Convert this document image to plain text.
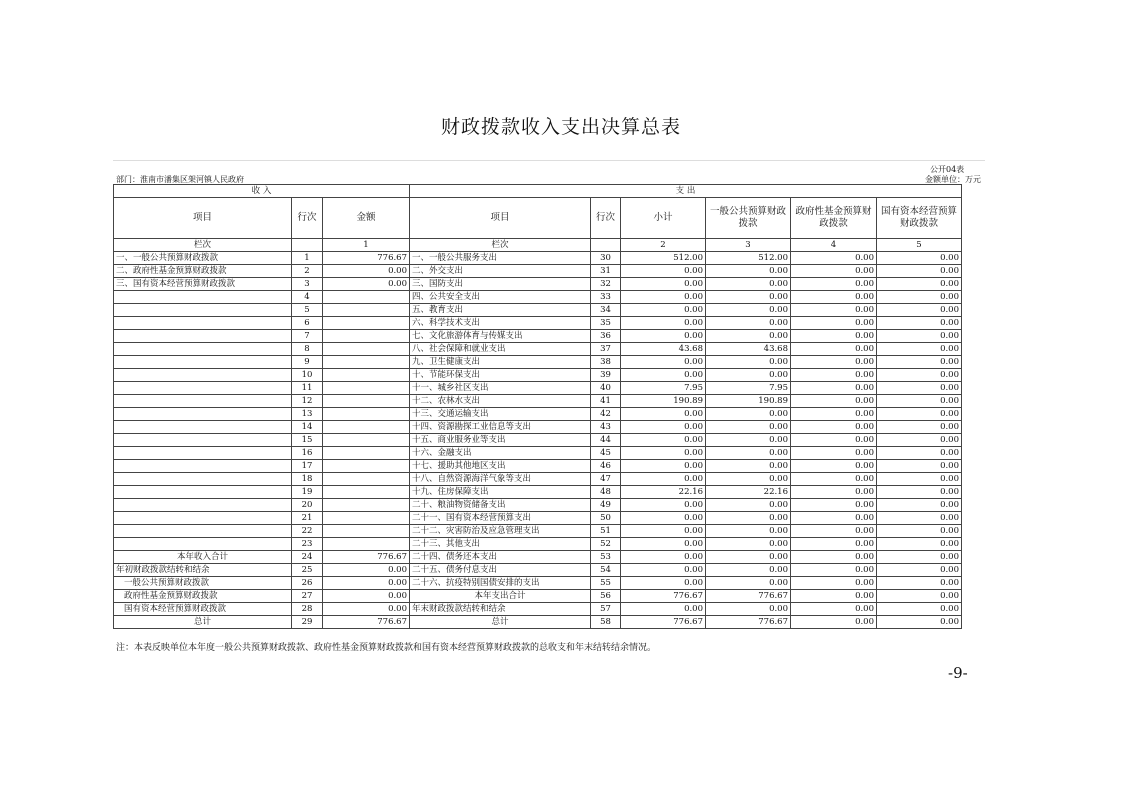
财政拨款收入支出决算总表
公开04表
部门：淮南市潘集区架河镇人民政府	金额单位：万元
收 入			支 出					
项目	行次	金额	项目	行次	小计	一般公共预算财政拨款	政府性基金预算财政拨款	国有资本经营预算财政拨款
栏次		1	栏次		2	3	4	5
一、一般公共预算财政拨款	1	776.67	一、一般公共服务支出	30	512.00	512.00	0.00	0.00
二、政府性基金预算财政拨款	2	0.00	二、外交支出	31	0.00	0.00	0.00	0.00
三、国有资本经营预算财政拨款	3	0.00	三、国防支出	32	0.00	0.00	0.00	0.00
	4		四、公共安全支出	33	0.00	0.00	0.00	0.00
	5		五、教育支出	34	0.00	0.00	0.00	0.00
	6		六、科学技术支出	35	0.00	0.00	0.00	0.00
	7		七、文化旅游体育与传媒支出	36	0.00	0.00	0.00	0.00
	8		八、社会保障和就业支出	37	43.68	43.68	0.00	0.00
	9		九、卫生健康支出	38	0.00	0.00	0.00	0.00
	10		十、节能环保支出	39	0.00	0.00	0.00	0.00
	11		十一、城乡社区支出	40	7.95	7.95	0.00	0.00
	12		十二、农林水支出	41	190.89	190.89	0.00	0.00
	13		十三、交通运输支出	42	0.00	0.00	0.00	0.00
	14		十四、资源勘探工业信息等支出	43	0.00	0.00	0.00	0.00
	15		十五、商业服务业等支出	44	0.00	0.00	0.00	0.00
	16		十六、金融支出	45	0.00	0.00	0.00	0.00
	17		十七、援助其他地区支出	46	0.00	0.00	0.00	0.00
	18		十八、自然资源海洋气象等支出	47	0.00	0.00	0.00	0.00
	19		十九、住房保障支出	48	22.16	22.16	0.00	0.00
	20		二十、粮油物资储备支出	49	0.00	0.00	0.00	0.00
	21		二十一、国有资本经营预算支出	50	0.00	0.00	0.00	0.00
	22		二十二、灾害防治及应急管理支出	51	0.00	0.00	0.00	0.00
	23		二十三、其他支出	52	0.00	0.00	0.00	0.00
本年收入合计	24	776.67	二十四、债务还本支出	53	0.00	0.00	0.00	0.00
年初财政拨款结转和结余	25	0.00	二十五、债务付息支出	54	0.00	0.00	0.00	0.00
一般公共预算财政拨款	26	0.00	二十六、抗疫特别国债安排的支出	55	0.00	0.00	0.00	0.00
政府性基金预算财政拨款	27	0.00	本年支出合计	56	776.67	776.67	0.00	0.00
国有资本经营预算财政拨款	28	0.00	年末财政拨款结转和结余	57	0.00	0.00	0.00	0.00
总计	29	776.67	总计	58	776.67	776.67	0.00	0.00
注：本表反映单位本年度一般公共预算财政拨款、政府性基金预算财政拨款和国有资本经营预算财政拨款的总收支和年末结转结余情况。
-9-
